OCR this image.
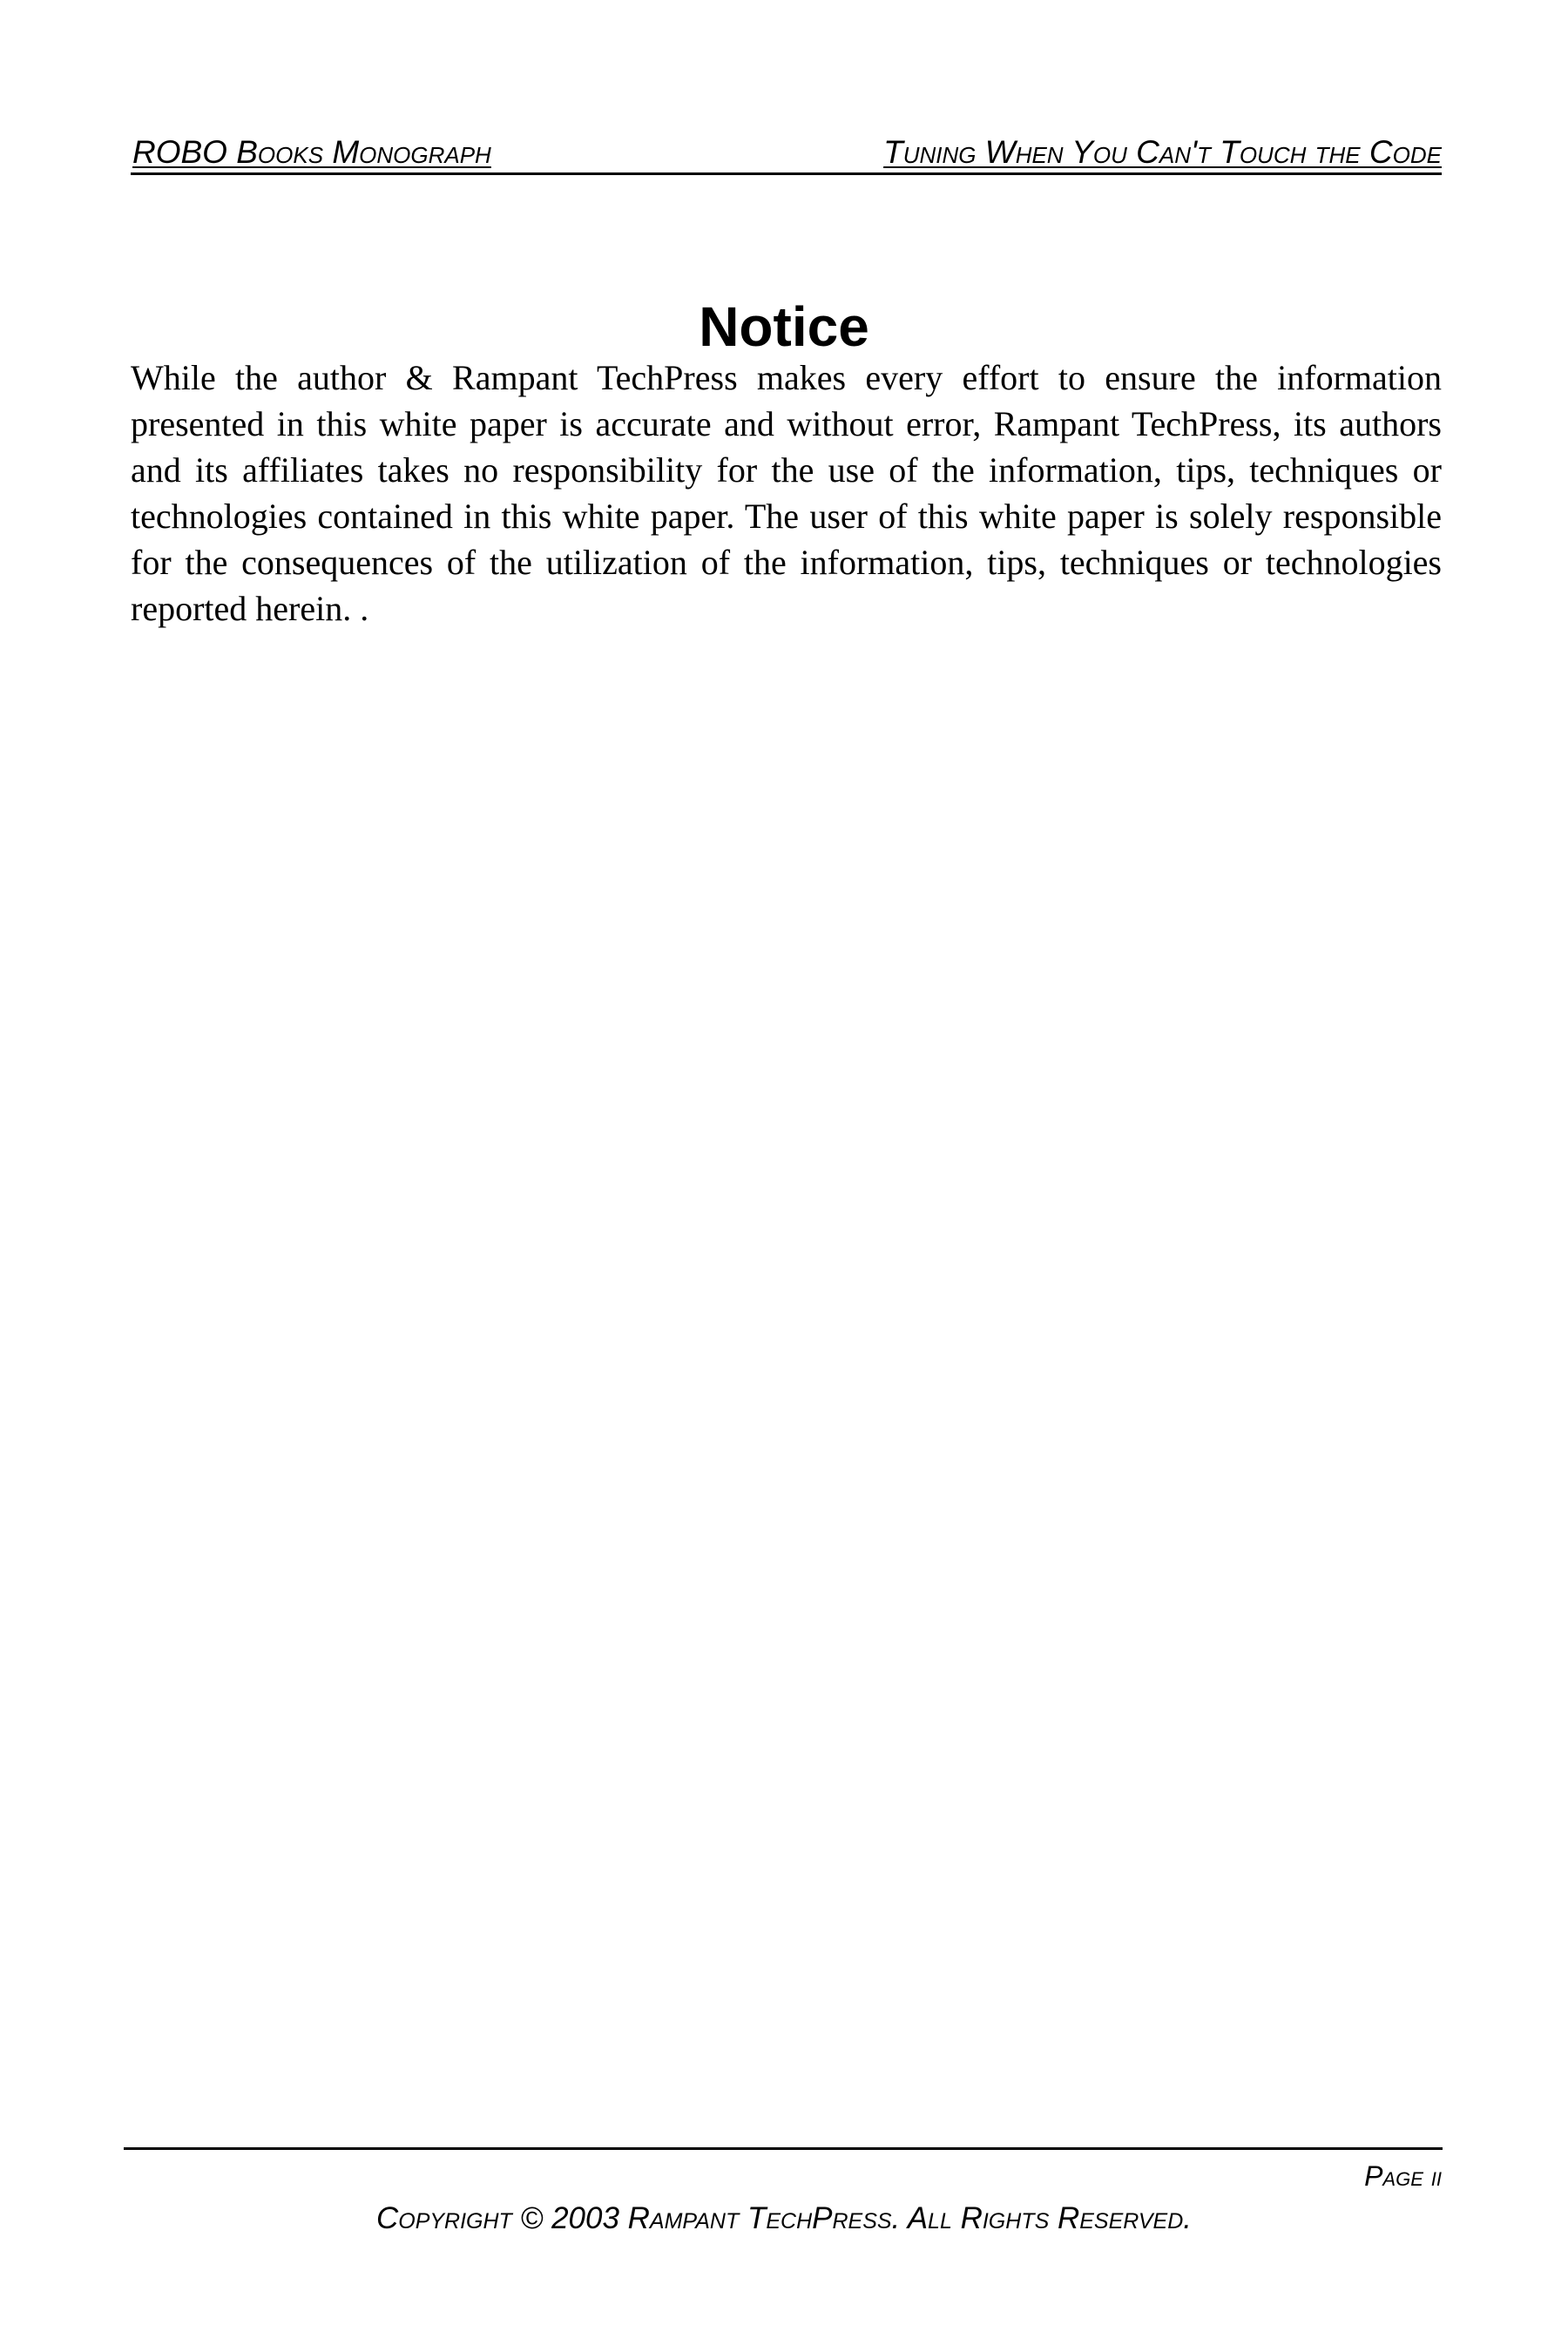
ROBO Books Monograph	Tuning When You Can't Touch the Code
Notice

While the author & Rampant TechPress makes every effort to ensure the information presented in this white paper is accurate and without error, Rampant TechPress, its authors and its affiliates takes no responsibility for the use of the information, tips, techniques or technologies contained in this white paper. The user of this white paper is solely responsible for the consequences of the utilization of the information, tips, techniques or technologies reported herein. .

Page ii
Copyright © 2003 Rampant TechPress. All Rights Reserved.
